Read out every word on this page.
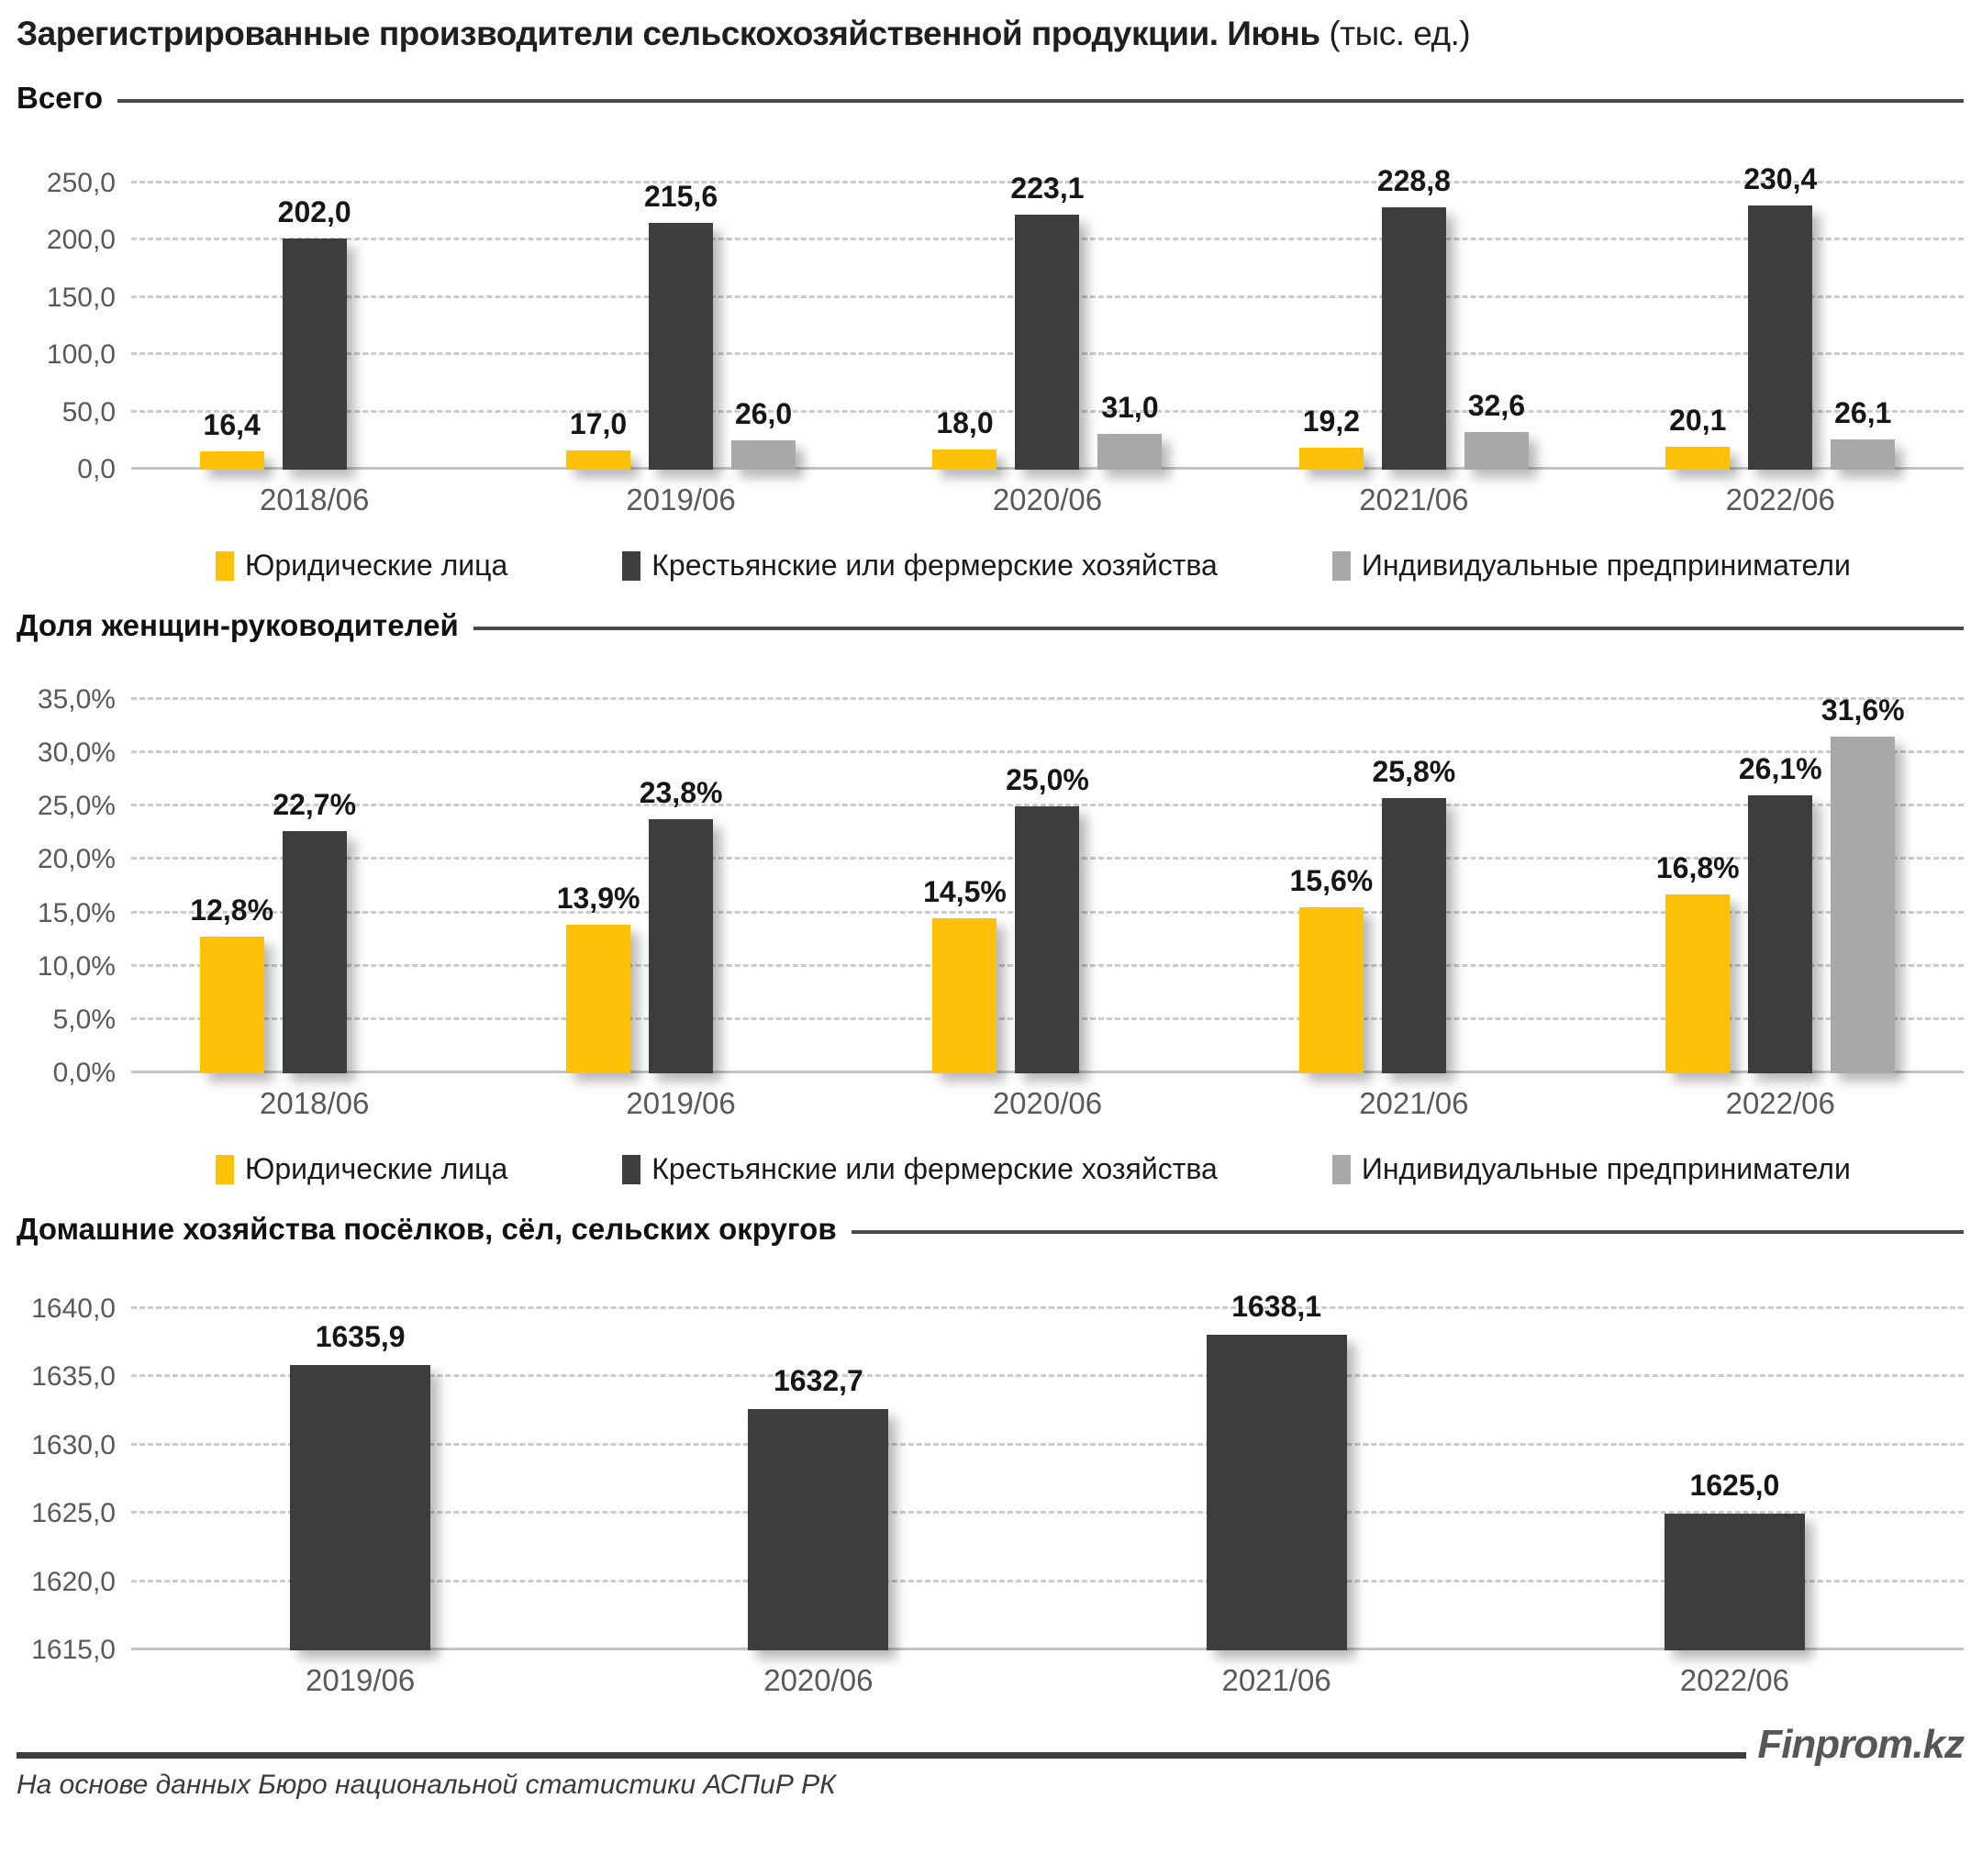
Зарегистрированные производители сельскохозяйственной продукции. Июнь (тыс. ед.)
Всего
0,0
50,0
100,0
150,0
200,0
250,0
16,4
202,0
17,0
215,6
26,0	18,0
223,1
31,0	19,2
228,8
32,6	20,1
230,4
26,1
2018/06	2019/06	2020/06	2021/06	2022/06
Юридические лица	Крестьянские или фермерские хозяйства	Индивидуальные предприниматели
Доля женщин-руководителей
0,0%
5,0%
10,0%
15,0%
20,0%
25,0%
30,0%
35,0%
12,8%
22,7%
13,9%
23,8%
14,5%
25,0%
15,6%
25,8%
16,8%
26,1%
31,6%
2018/06	2019/06	2020/06	2021/06	2022/06
Юридические лица	Крестьянские или фермерские хозяйства	Индивидуальные предприниматели
Домашние хозяйства посёлков, сёл, сельских округов
1615,0
1620,0
1625,0
1630,0
1635,0
1640,0
1635,9
1632,7
1638,1
1625,0
2019/06	2020/06	2021/06	2022/06
Finprom.kz
На основе данных Бюро национальной статистики АСПиР РК
